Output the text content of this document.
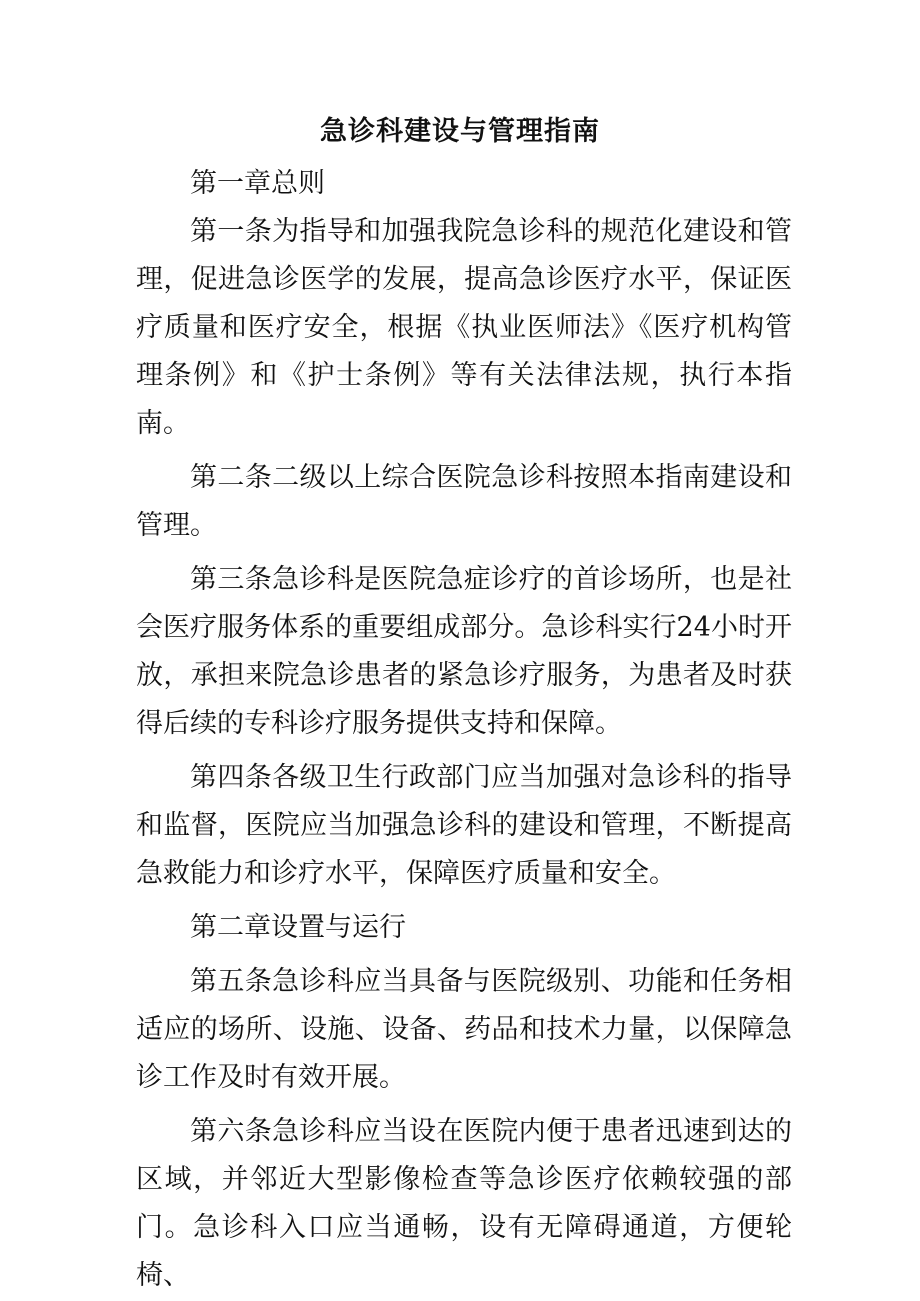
急诊科建设与管理指南

第一章总则

第一条为指导和加强我院急诊科的规范化建设和管理，促进急诊医学的发展，提高急诊医疗水平，保证医疗质量和医疗安全，根据《执业医师法》《医疗机构管理条例》和《护士条例》等有关法律法规，执行本指南。

第二条二级以上综合医院急诊科按照本指南建设和管理。

第三条急诊科是医院急症诊疗的首诊场所，也是社会医疗服务体系的重要组成部分。急诊科实行24小时开放，承担来院急诊患者的紧急诊疗服务，为患者及时获得后续的专科诊疗服务提供支持和保障。

第四条各级卫生行政部门应当加强对急诊科的指导和监督，医院应当加强急诊科的建设和管理，不断提高急救能力和诊疗水平，保障医疗质量和安全。

第二章设置与运行

第五条急诊科应当具备与医院级别、功能和任务相适应的场所、设施、设备、药品和技术力量，以保障急诊工作及时有效开展。

第六条急诊科应当设在医院内便于患者迅速到达的区域，并邻近大型影像检查等急诊医疗依赖较强的部门。急诊科入口应当通畅，设有无障碍通道，方便轮椅、
